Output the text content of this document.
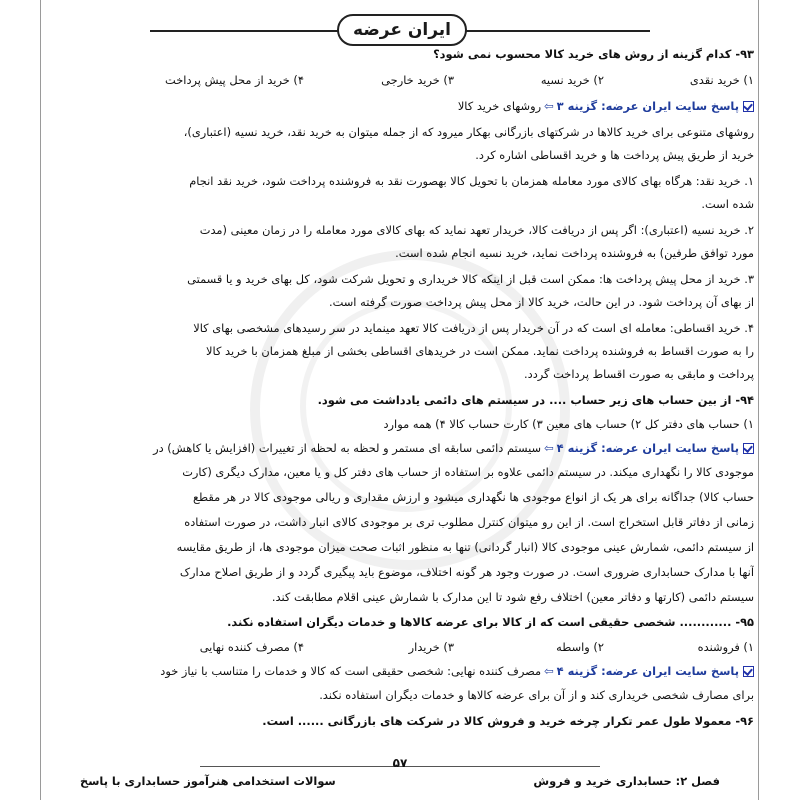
ایران عرضه
۹۳- کدام گزینه از روش های خرید کالا محسوب نمی شود؟
۱) خرید نقدی
۲) خرید نسیه
۳) خرید خارجی
۴) خرید از محل پیش پرداخت
پاسخ سایت ایران عرضه: گزینه ۳⇦روشهای خرید کالا
روشهای متنوعی برای خرید کالاها در شرکتهای بازرگانی بهکار میرود که از جمله میتوان به خرید نقد، خرید نسیه (اعتباری)،
خرید از طریق پیش پرداخت ها و خرید اقساطی اشاره کرد.
۱. خرید نقد: هرگاه بهای کالای مورد معامله همزمان با تحویل کالا بهصورت نقد به فروشنده پرداخت شود، خرید نقد انجام
شده است.
۲. خرید نسیه (اعتباری): اگر پس از دریافت کالا، خریدار تعهد نماید که بهای کالای مورد معامله را در زمان معینی (مدت
مورد توافق طرفین) به فروشنده پرداخت نماید، خرید نسیه انجام شده است.
۳. خرید از محل پیش پرداخت ها: ممکن است قبل از اینکه کالا خریداری و تحویل شرکت شود، کل بهای خرید و یا قسمتی
از بهای آن پرداخت شود. در این حالت، خرید کالا از محل پیش پرداخت صورت گرفته است.
۴. خرید اقساطی: معامله ای است که در آن خریدار پس از دریافت کالا تعهد مینماید در سر رسیدهای مشخصی بهای کالا
را به صورت اقساط به فروشنده پرداخت نماید. ممکن است در خریدهای اقساطی بخشی از مبلغ همزمان با خرید کالا
پرداخت و مابقی به صورت اقساط پرداخت گردد.
۹۴- از بین حساب های زیر حساب .... در سیستم های دائمی یادداشت می شود.
۱) حساب های دفتر کل ۲) حساب های معین ۳) کارت حساب کالا ۴) همه موارد
پاسخ سایت ایران عرضه: گزینه ۴⇦سیستم دائمی سابقه ای مستمر و لحظه به لحظه از تغییرات (افزایش یا کاهش) در
موجودی کالا را نگهداری میکند. در سیستم دائمی علاوه بر استفاده از حساب های دفتر کل و یا معین، مدارک دیگری (کارت
حساب کالا) جداگانه برای هر یک از انواع موجودی ها نگهداری میشود و ارزش مقداری و ریالی موجودی کالا در هر مقطع
زمانی از دفاتر قابل استخراج است. از این رو میتوان کنترل مطلوب تری بر موجودی کالای انبار داشت، در صورت استفاده
از سیستم دائمی، شمارش عینی موجودی کالا (انبار گردانی) تنها به منظور اثبات صحت میزان موجودی ها، از طریق مقایسه
آنها با مدارک حسابداری ضروری است. در صورت وجود هر گونه اختلاف، موضوع باید پیگیری گردد و از طریق اصلاح مدارک
سیستم دائمی (کارتها و دفاتر معین) اختلاف رفع شود تا این مدارک با شمارش عینی اقلام مطابقت کند.
۹۵- ............ شخصی حقیقی است که از کالا برای عرضه کالاها و خدمات دیگران استفاده نکند.
۱) فروشنده
۲) واسطه
۳) خریدار
۴) مصرف کننده نهایی
پاسخ سایت ایران عرضه: گزینه ۴⇦مصرف کننده نهایی: شخصی حقیقی است که کالا و خدمات را متناسب با نیاز خود
برای مصارف شخصی خریداری کند و از آن برای عرضه کالاها و خدمات دیگران استفاده نکند.
۹۶- معمولا طول عمر تکرار چرخه خرید و فروش کالا در شرکت های بازرگانی ...... است.
۵۷
فصل ۲: حسابداری خرید و فروش
سوالات استخدامی هنرآموز حسابداری با پاسخ
